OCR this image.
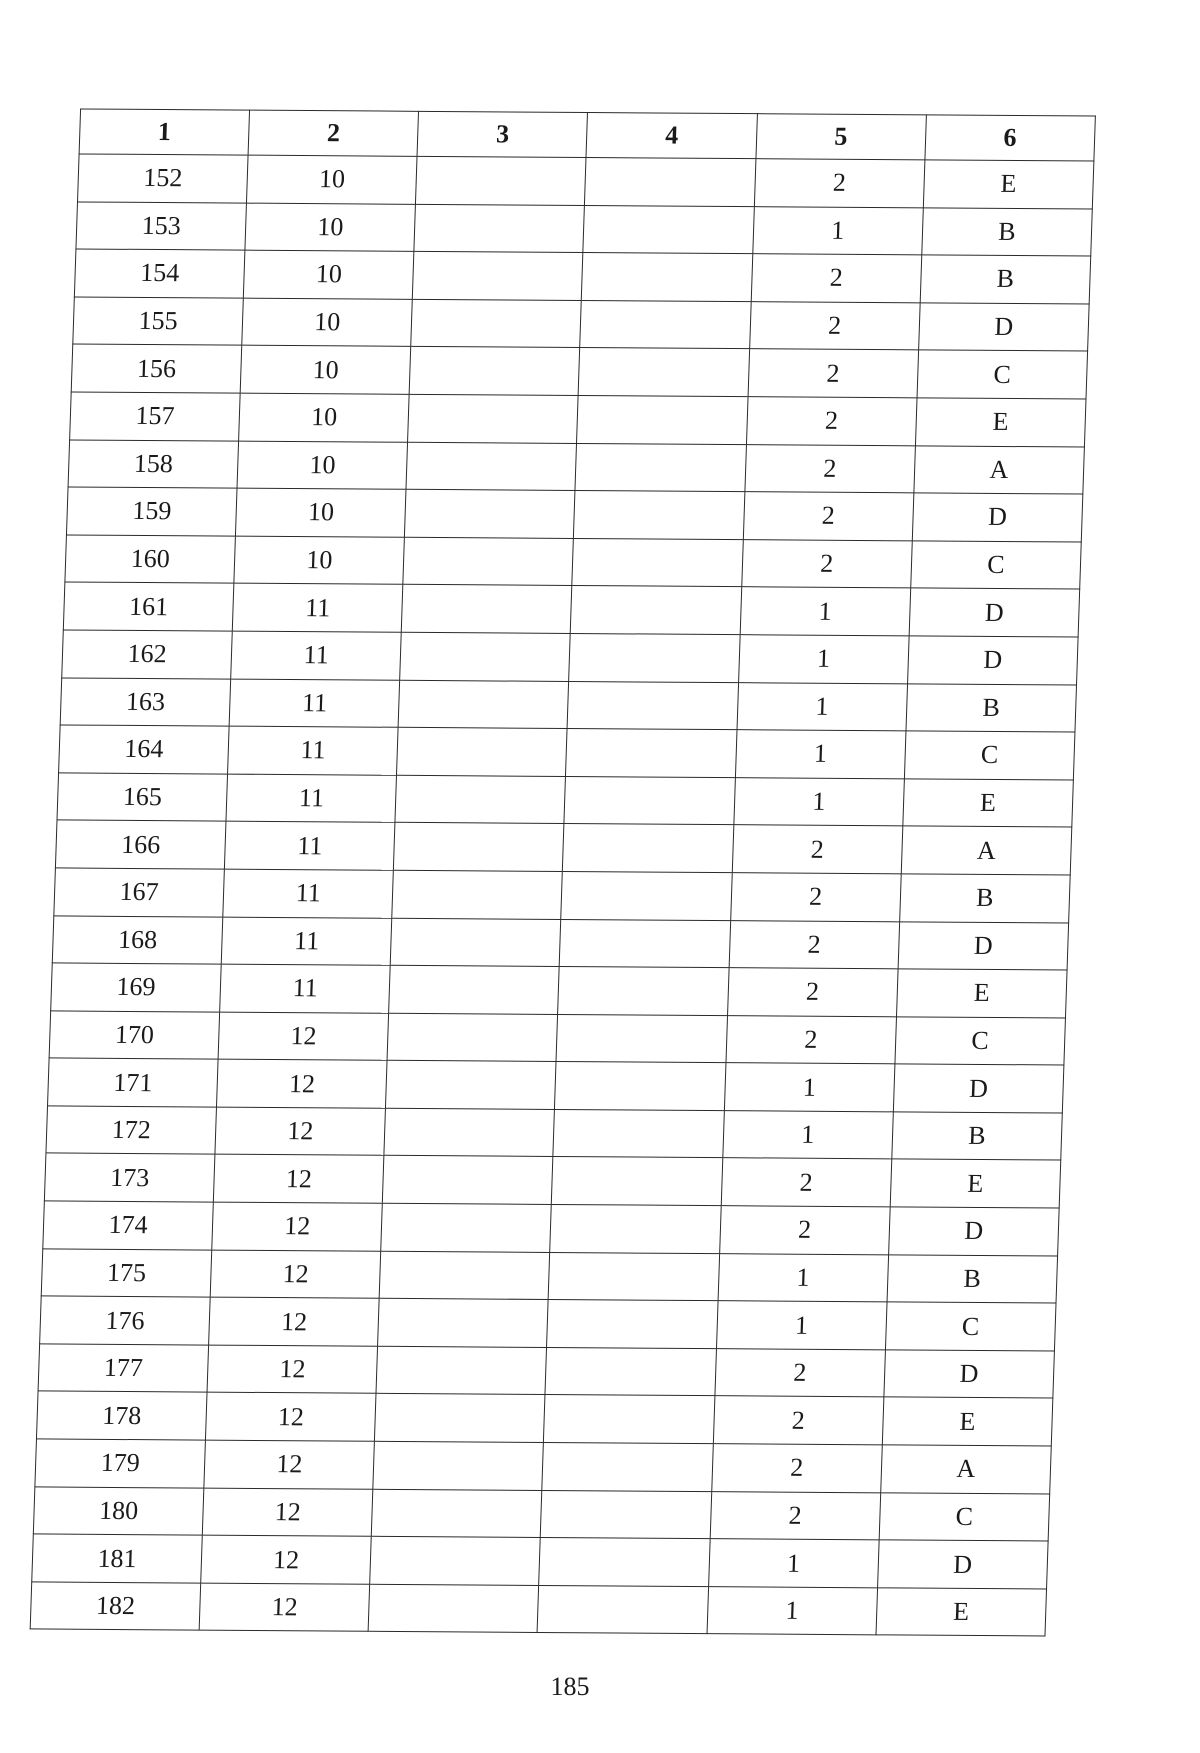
1	2	3	4	5	6
152	10			2	E
153	10			1	B
154	10			2	B
155	10			2	D
156	10			2	C
157	10			2	E
158	10			2	A
159	10			2	D
160	10			2	C
161	11			1	D
162	11			1	D
163	11			1	B
164	11			1	C
165	11			1	E
166	11			2	A
167	11			2	B
168	11			2	D
169	11			2	E
170	12			2	C
171	12			1	D
172	12			1	B
173	12			2	E
174	12			2	D
175	12			1	B
176	12			1	C
177	12			2	D
178	12			2	E
179	12			2	A
180	12			2	C
181	12			1	D
182	12			1	E
185
